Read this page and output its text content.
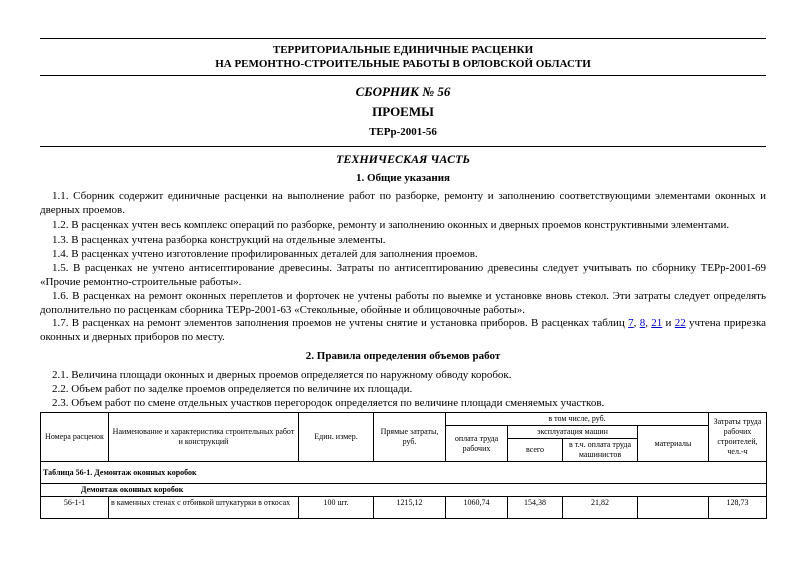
ТЕРРИТОРИАЛЬНЫЕ ЕДИНИЧНЫЕ РАСЦЕНКИ
НА РЕМОНТНО-СТРОИТЕЛЬНЫЕ РАБОТЫ В ОРЛОВСКОЙ ОБЛАСТИ
СБОРНИК № 56
ПРОЕМЫ
ТЕРр-2001-56
ТЕХНИЧЕСКАЯ ЧАСТЬ
1. Общие указания
1.1. Сборник содержит единичные расценки на выполнение работ по разборке, ремонту и заполнению соответствующими элементами оконных и дверных проемов.
1.2. В расценках учтен весь комплекс операций по разборке, ремонту и заполнению оконных и дверных проемов конструктивными элементами.
1.3. В расценках учтена разборка конструкций на отдельные элементы.
1.4. В расценках учтено изготовление профилированных деталей для заполнения проемов.
1.5. В расценках не учтено антисептирование древесины. Затраты по антисептированию древесины следует учитывать по сборнику ТЕРр-2001-69 «Прочие ремонтно-строительные работы».
1.6. В расценках на ремонт оконных переплетов и форточек не учтены работы по выемке и установке вновь стекол. Эти затраты следует определять дополнительно по расценкам сборника ТЕРр-2001-63 «Стекольные, обойные и облицовочные работы».
1.7. В расценках на ремонт элементов заполнения проемов не учтены снятие и установка приборов. В расценках таблиц 7, 8, 21 и 22 учтена прирезка оконных и дверных приборов по месту.
2. Правила определения объемов работ
2.1. Величина площади оконных и дверных проемов определяется по наружному обводу коробок.
2.2. Объем работ по заделке проемов определяется по величине их площади.
2.3. Объем работ по смене отдельных участков перегородок определяется по величине площади сменяемых участков.
Номера расценок	Наименование и характеристика строительных работ и конструкций	Един. измер.	Прямые затраты, руб.	в том числе, руб.				Затраты труда рабочих строителей, чел.-ч
				оплата труда рабочих	эксплуатация машин		материалы	
					всего	в т.ч. оплата труда машинистов		
Таблица 56-1. Демонтаж оконных коробок								
Демонтаж оконных коробок								
56-1-1	в каменных стенах с отбивкой штукатурки в откосах	100 шт.	1215,12	1060,74	154,38	21,82		128,73
